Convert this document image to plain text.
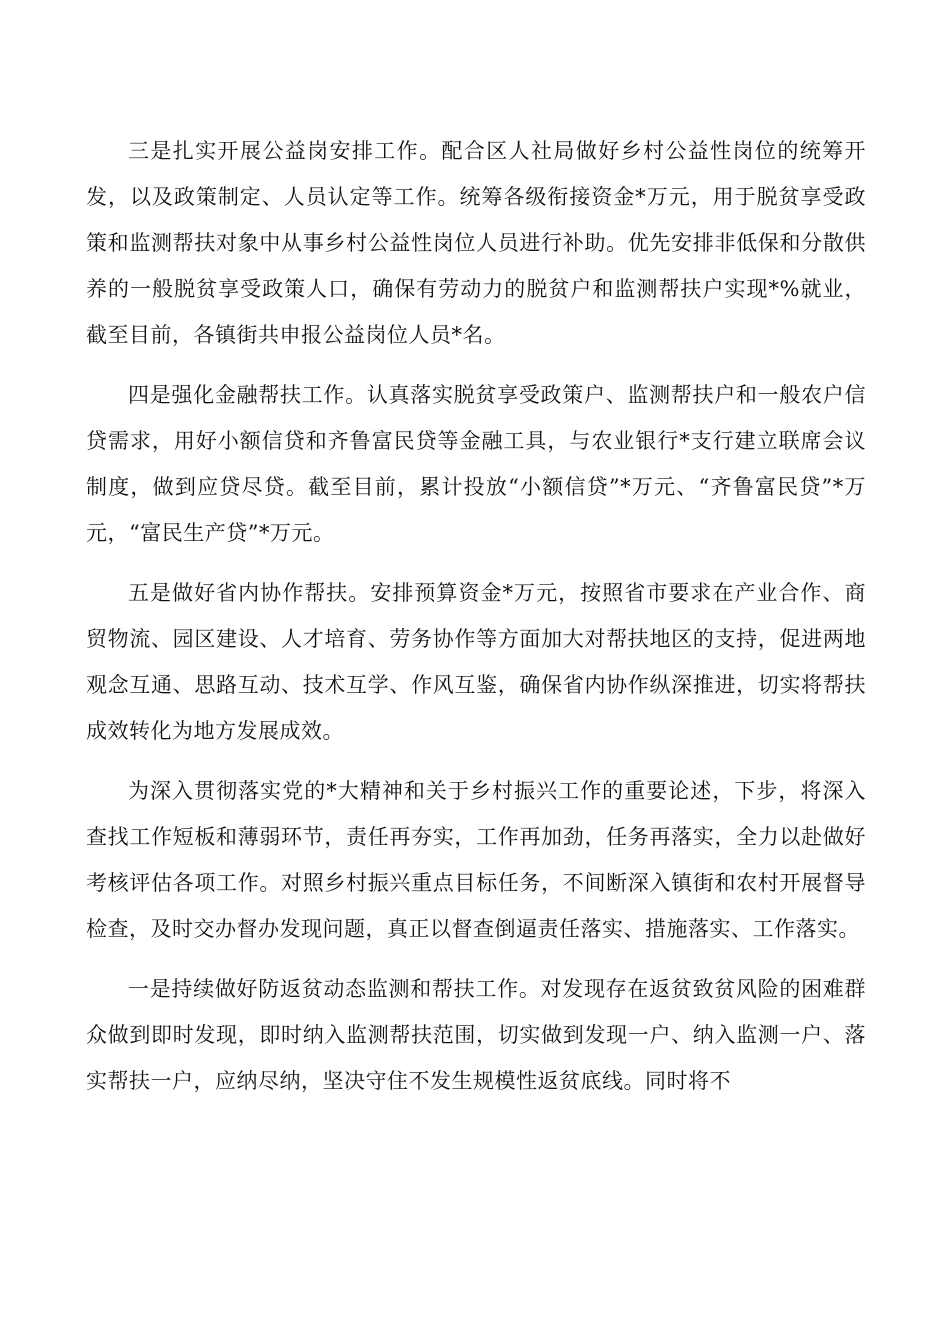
三是扎实开展公益岗安排工作。配合区人社局做好乡村公益性岗位的统筹开发，以及政策制定、人员认定等工作。统筹各级衔接资金*万元，用于脱贫享受政策和监测帮扶对象中从事乡村公益性岗位人员进行补助。优先安排非低保和分散供养的一般脱贫享受政策人口，确保有劳动力的脱贫户和监测帮扶户实现*%就业，截至目前，各镇街共申报公益岗位人员*名。

四是强化金融帮扶工作。认真落实脱贫享受政策户、监测帮扶户和一般农户信贷需求，用好小额信贷和齐鲁富民贷等金融工具，与农业银行*支行建立联席会议制度，做到应贷尽贷。截至目前，累计投放“小额信贷”*万元、“齐鲁富民贷”*万元，“富民生产贷”*万元。

五是做好省内协作帮扶。安排预算资金*万元，按照省市要求在产业合作、商贸物流、园区建设、人才培育、劳务协作等方面加大对帮扶地区的支持，促进两地观念互通、思路互动、技术互学、作风互鉴，确保省内协作纵深推进，切实将帮扶成效转化为地方发展成效。

为深入贯彻落实党的*大精神和关于乡村振兴工作的重要论述，下步，将深入查找工作短板和薄弱环节，责任再夯实，工作再加劲，任务再落实，全力以赴做好考核评估各项工作。对照乡村振兴重点目标任务，不间断深入镇街和农村开展督导检查，及时交办督办发现问题，真正以督查倒逼责任落实、措施落实、工作落实。

一是持续做好防返贫动态监测和帮扶工作。对发现存在返贫致贫风险的困难群众做到即时发现，即时纳入监测帮扶范围，切实做到发现一户、纳入监测一户、落实帮扶一户，应纳尽纳，坚决守住不发生规模性返贫底线。同时将不
